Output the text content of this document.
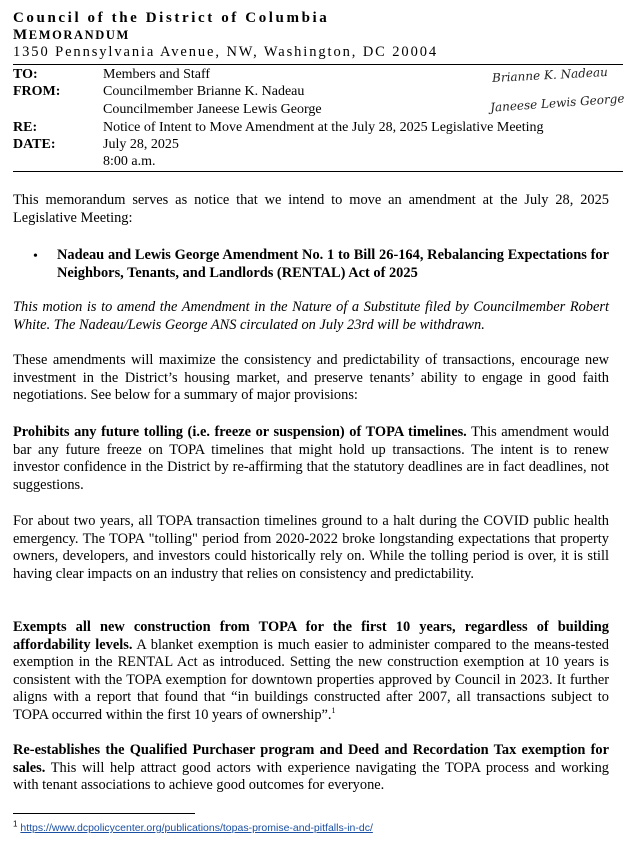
Council of the District of Columbia
MEMORANDUM
1350 Pennsylvania Avenue, NW, Washington, DC 20004
TO:	Members and Staff
FROM:	Councilmember Brianne K. Nadeau
Councilmember Janeese Lewis George
RE:	Notice of Intent to Move Amendment at the July 28, 2025 Legislative Meeting
DATE:	July 28, 2025
8:00 a.m.
Brianne K. Nadeau
Janeese Lewis George
This memorandum serves as notice that we intend to move an amendment at the July 28, 2025 Legislative Meeting:
• Nadeau and Lewis George Amendment No. 1 to Bill 26-164, Rebalancing Expectations for Neighbors, Tenants, and Landlords (RENTAL) Act of 2025
This motion is to amend the Amendment in the Nature of a Substitute filed by Councilmember Robert White. The Nadeau/Lewis George ANS circulated on July 23rd will be withdrawn.
These amendments will maximize the consistency and predictability of transactions, encourage new investment in the District’s housing market, and preserve tenants’ ability to engage in good faith negotiations. See below for a summary of major provisions:
Prohibits any future tolling (i.e. freeze or suspension) of TOPA timelines. This amendment would bar any future freeze on TOPA timelines that might hold up transactions. The intent is to renew investor confidence in the District by re-affirming that the statutory deadlines are in fact deadlines, not suggestions.
For about two years, all TOPA transaction timelines ground to a halt during the COVID public health emergency. The TOPA "tolling" period from 2020-2022 broke longstanding expectations that property owners, developers, and investors could historically rely on. While the tolling period is over, it is still having clear impacts on an industry that relies on consistency and predictability.
Exempts all new construction from TOPA for the first 10 years, regardless of building affordability levels. A blanket exemption is much easier to administer compared to the means-tested exemption in the RENTAL Act as introduced. Setting the new construction exemption at 10 years is consistent with the TOPA exemption for downtown properties approved by Council in 2023. It further aligns with a report that found that “in buildings constructed after 2007, all transactions subject to TOPA occurred within the first 10 years of ownership”.$^1$
Re-establishes the Qualified Purchaser program and Deed and Recordation Tax exemption for sales. This will help attract good actors with experience navigating the TOPA process and working with tenant associations to achieve good outcomes for everyone.
$^1$ https://www.dcpolicycenter.org/publications/topas-promise-and-pitfalls-in-dc/
